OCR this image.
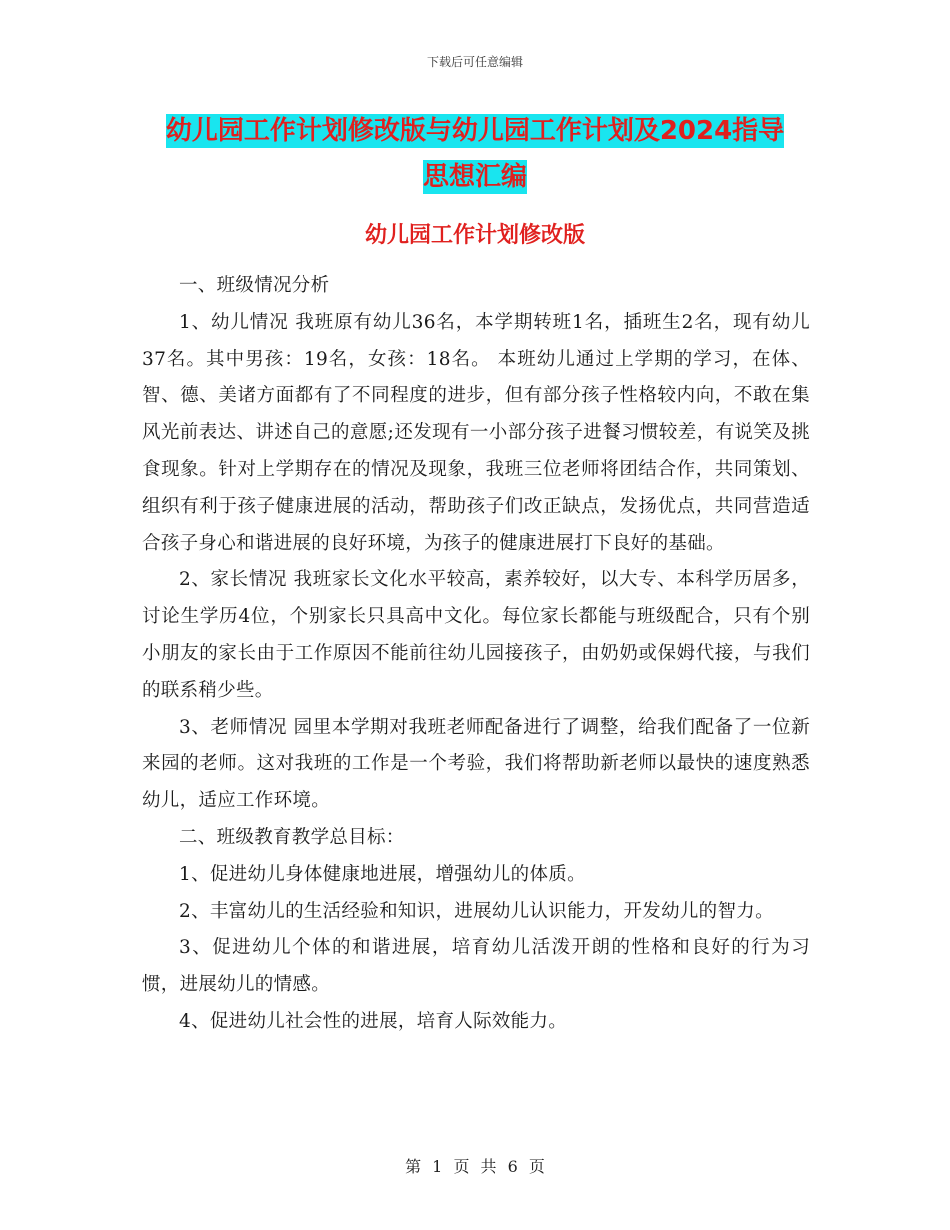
下载后可任意编辑
幼儿园工作计划修改版与幼儿园工作计划及2024指导
思想汇编
幼儿园工作计划修改版

一、班级情况分析

1、幼儿情况 我班原有幼儿36名，本学期转班1名，插班生2名，现有幼儿37名。其中男孩：19名，女孩：18名。 本班幼儿通过上学期的学习，在体、智、德、美诸方面都有了不同程度的进步，但有部分孩子性格较内向，不敢在集风光前表达、讲述自己的意愿;还发现有一小部分孩子进餐习惯较差，有说笑及挑食现象。针对上学期存在的情况及现象，我班三位老师将团结合作，共同策划、组织有利于孩子健康进展的活动，帮助孩子们改正缺点，发扬优点，共同营造适合孩子身心和谐进展的良好环境，为孩子的健康进展打下良好的基础。

2、家长情况 我班家长文化水平较高，素养较好，以大专、本科学历居多，讨论生学历4位，个别家长只具高中文化。每位家长都能与班级配合，只有个别小朋友的家长由于工作原因不能前往幼儿园接孩子，由奶奶或保姆代接，与我们的联系稍少些。

3、老师情况 园里本学期对我班老师配备进行了调整，给我们配备了一位新来园的老师。这对我班的工作是一个考验，我们将帮助新老师以最快的速度熟悉幼儿，适应工作环境。

二、班级教育教学总目标：

1、促进幼儿身体健康地进展，增强幼儿的体质。

2、丰富幼儿的生活经验和知识，进展幼儿认识能力，开发幼儿的智力。

3、促进幼儿个体的和谐进展，培育幼儿活泼开朗的性格和良好的行为习惯，进展幼儿的情感。

4、促进幼儿社会性的进展，培育人际效能力。

第 1 页 共 6 页
